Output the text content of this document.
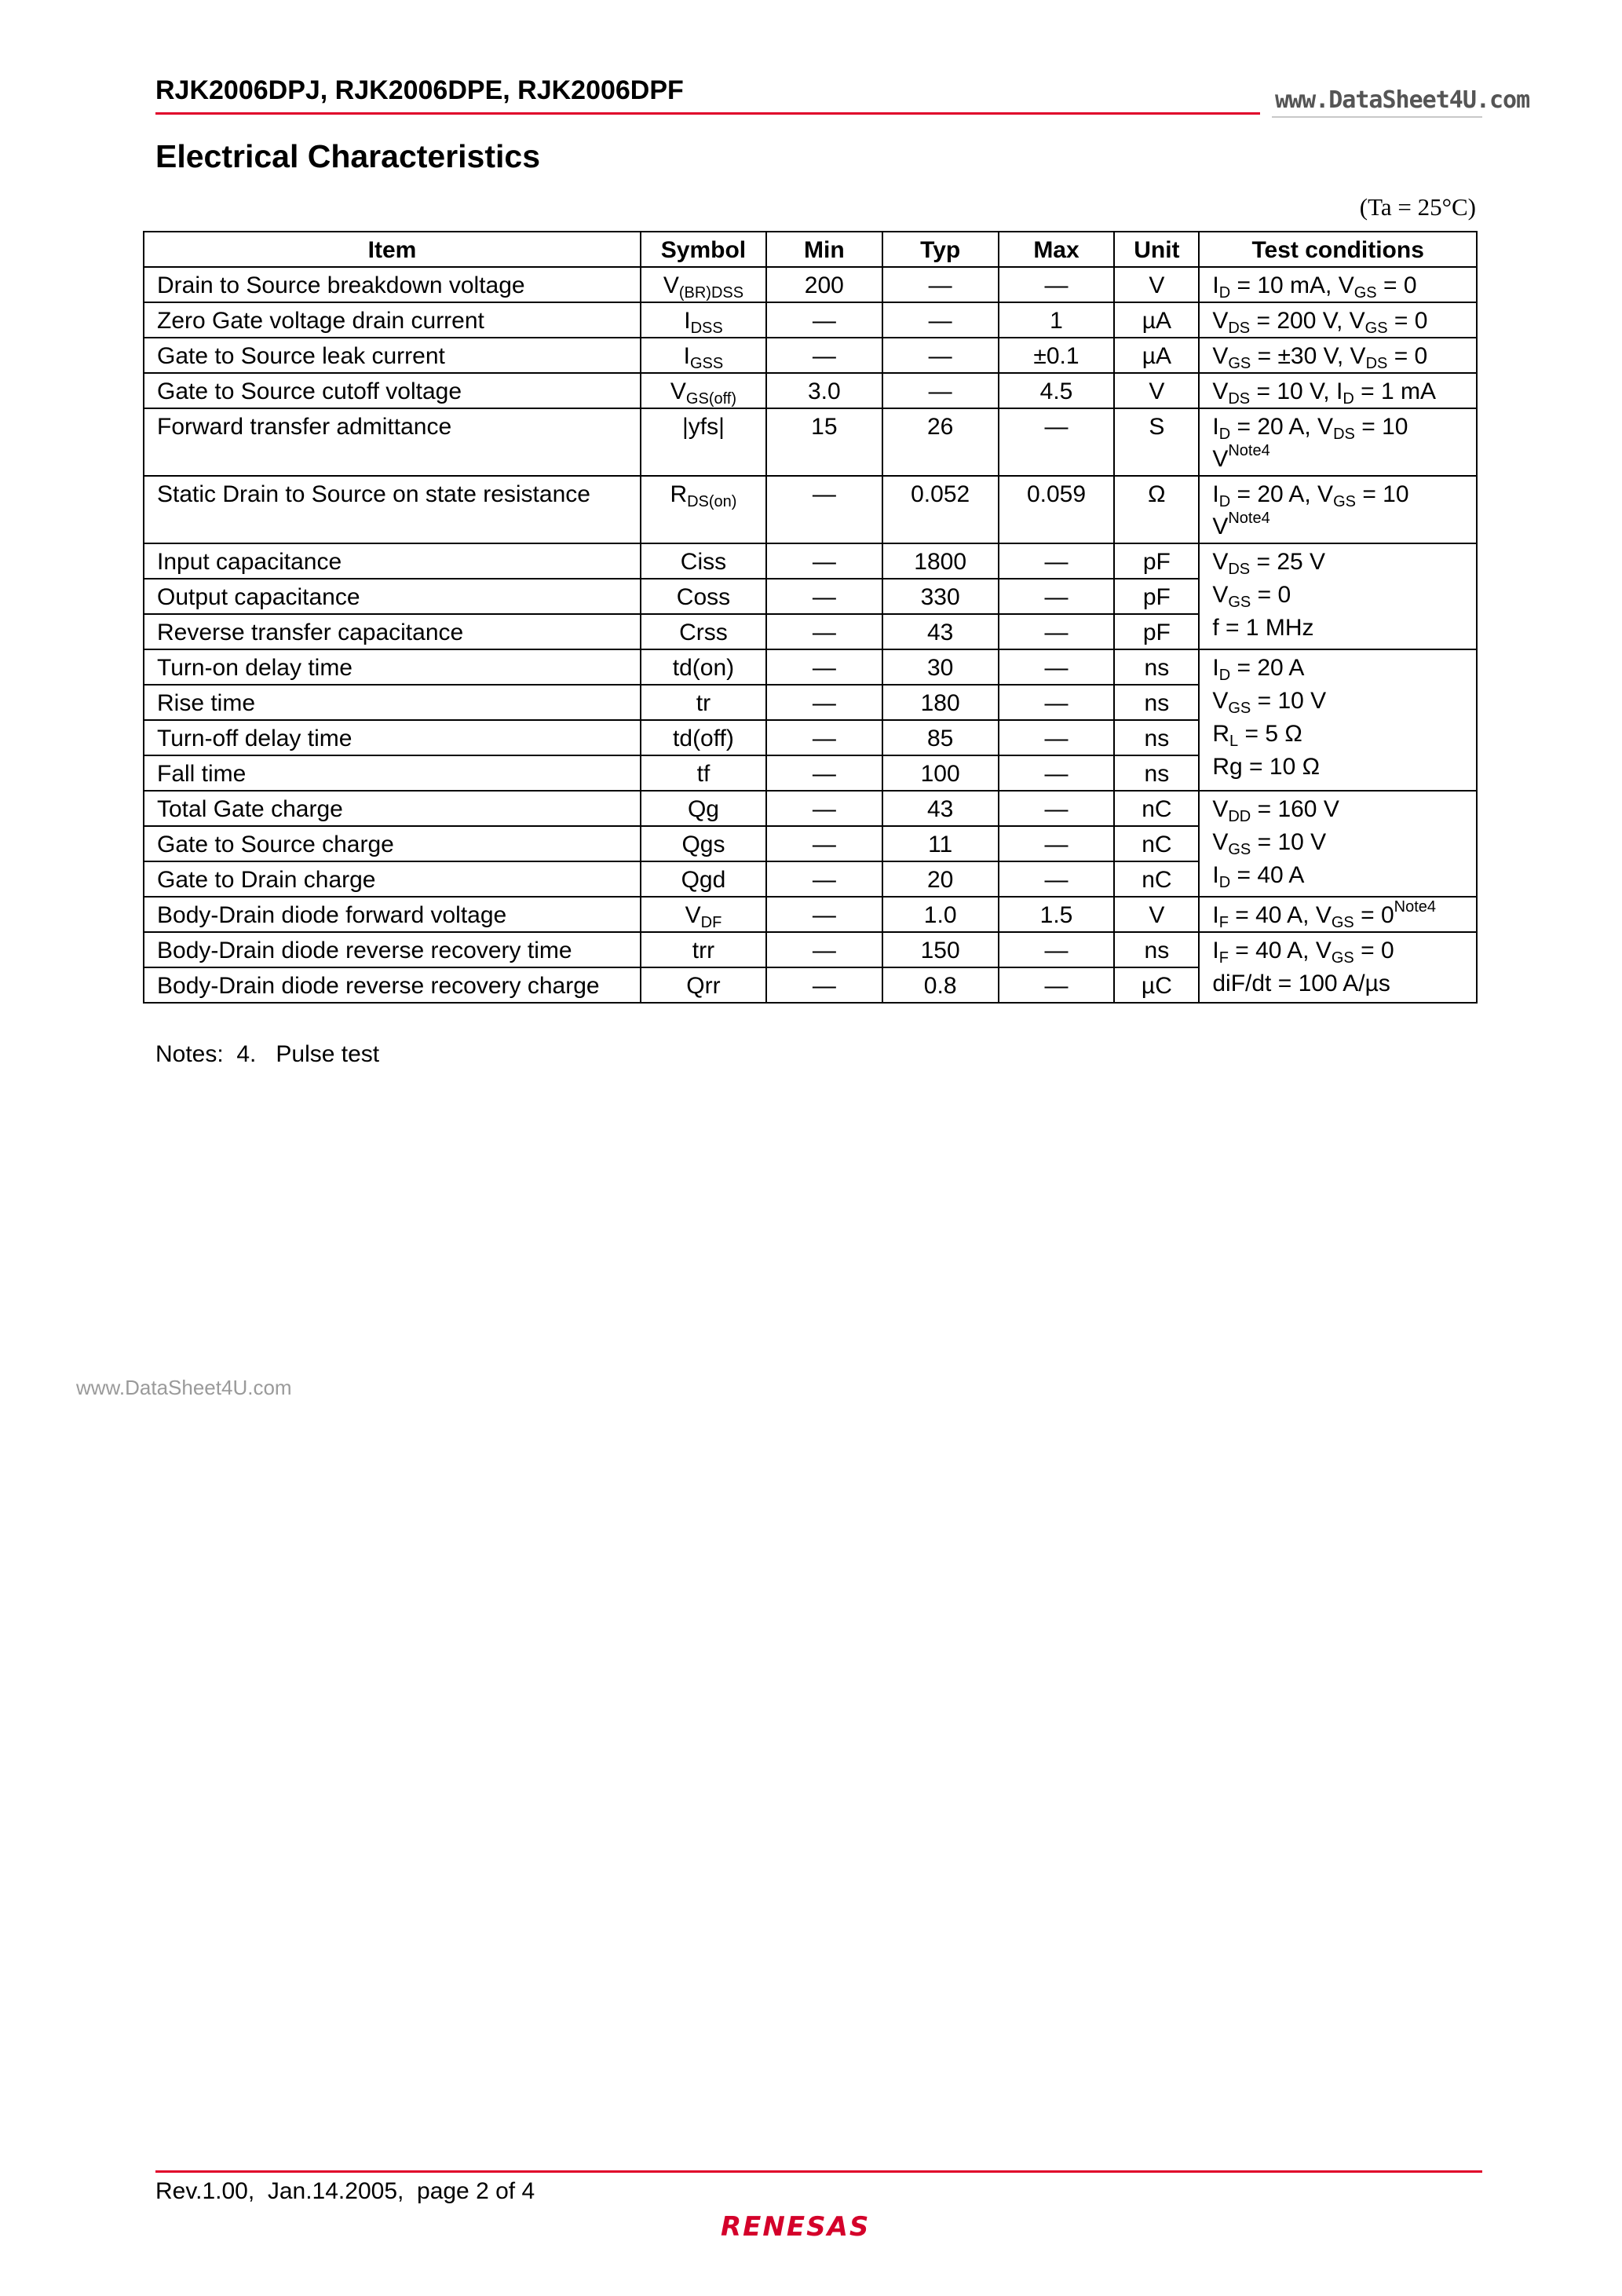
RJK2006DPJ, RJK2006DPE, RJK2006DPF	www.DataSheet4U.com
Electrical Characteristics
(Ta = 25°C)
Item	Symbol	Min	Typ	Max	Unit	Test conditions
Drain to Source breakdown voltage	$V_{(BR)DSS}$	200	—	—	V	$I_D = 10$ mA, $V_{GS} = 0$
Zero Gate voltage drain current	$I_{DSS}$	—	—	1	µA	$V_{DS} = 200$ V, $V_{GS} = 0$
Gate to Source leak current	$I_{GSS}$	—	—	±0.1	µA	$V_{GS} = \pm 30$ V, $V_{DS} = 0$
Gate to Source cutoff voltage	$V_{GS(off)}$	3.0	—	4.5	V	$V_{DS} = 10$ V, $I_D = 1$ mA
Forward transfer admittance	|yfs|	15	26	—	S	$I_D = 20$ A, $V_{DS} = 10$ $V^{Note4}$
Static Drain to Source on state resistance	$R_{DS(on)}$	—	0.052	0.059	Ω	$I_D = 20$ A, $V_{GS} = 10$ $V^{Note4}$
Input capacitance	Ciss	—	1800	—	pF	$V_{DS} = 25$ V
$V_{GS} = 0$
f = 1 MHz

Output capacitance	Coss	—	330	—	pF	
Reverse transfer capacitance	Crss	—	43	—	pF	
Turn-on delay time	td(on)	—	30	—	ns	$I_D = 20$ A
$V_{GS} = 10$ V
$R_L = 5$ Ω
Rg = 10 Ω

Rise time	tr	—	180	—	ns	
Turn-off delay time	td(off)	—	85	—	ns	
Fall time	tf	—	100	—	ns	
Total Gate charge	Qg	—	43	—	nC	$V_{DD} = 160$ V
$V_{GS} = 10$ V
$I_D = 40$ A

Gate to Source charge	Qgs	—	11	—	nC	
Gate to Drain charge	Qgd	—	20	—	nC	
Body-Drain diode forward voltage	$V_{DF}$	—	1.0	1.5	V	$I_F = 40$ A, $V_{GS} = 0^{Note4}$
Body-Drain diode reverse recovery time	trr	—	150	—	ns	$I_F = 40$ A, $V_{GS} = 0$
diF/dt = 100 A/µs

Body-Drain diode reverse recovery charge	Qrr	—	0.8	—	µC	
Notes:  4.   Pulse test
www.DataSheet4U.com
Rev.1.00,  Jan.14.2005,  page 2 of 4
RENESAS
